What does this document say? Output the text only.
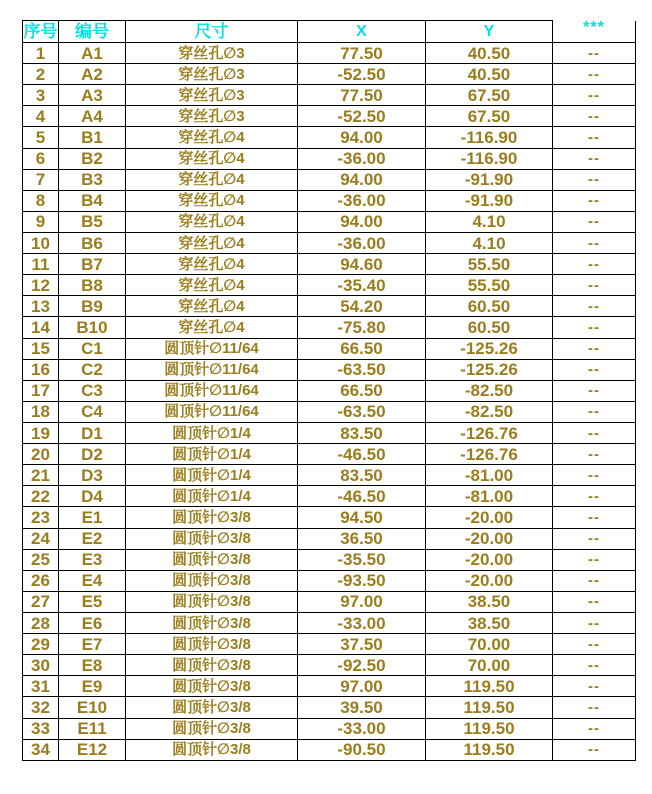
序号	编号	尺寸	X	Y	***
1	A1	穿丝孔∅3	77.50	40.50	--
2	A2	穿丝孔∅3	-52.50	40.50	--
3	A3	穿丝孔∅3	77.50	67.50	--
4	A4	穿丝孔∅3	-52.50	67.50	--
5	B1	穿丝孔∅4	94.00	-116.90	--
6	B2	穿丝孔∅4	-36.00	-116.90	--
7	B3	穿丝孔∅4	94.00	-91.90	--
8	B4	穿丝孔∅4	-36.00	-91.90	--
9	B5	穿丝孔∅4	94.00	4.10	--
10	B6	穿丝孔∅4	-36.00	4.10	--
11	B7	穿丝孔∅4	94.60	55.50	--
12	B8	穿丝孔∅4	-35.40	55.50	--
13	B9	穿丝孔∅4	54.20	60.50	--
14	B10	穿丝孔∅4	-75.80	60.50	--
15	C1	圆顶针∅11/64	66.50	-125.26	--
16	C2	圆顶针∅11/64	-63.50	-125.26	--
17	C3	圆顶针∅11/64	66.50	-82.50	--
18	C4	圆顶针∅11/64	-63.50	-82.50	--
19	D1	圆顶针∅1/4	83.50	-126.76	--
20	D2	圆顶针∅1/4	-46.50	-126.76	--
21	D3	圆顶针∅1/4	83.50	-81.00	--
22	D4	圆顶针∅1/4	-46.50	-81.00	--
23	E1	圆顶针∅3/8	94.50	-20.00	--
24	E2	圆顶针∅3/8	36.50	-20.00	--
25	E3	圆顶针∅3/8	-35.50	-20.00	--
26	E4	圆顶针∅3/8	-93.50	-20.00	--
27	E5	圆顶针∅3/8	97.00	38.50	--
28	E6	圆顶针∅3/8	-33.00	38.50	--
29	E7	圆顶针∅3/8	37.50	70.00	--
30	E8	圆顶针∅3/8	-92.50	70.00	--
31	E9	圆顶针∅3/8	97.00	119.50	--
32	E10	圆顶针∅3/8	39.50	119.50	--
33	E11	圆顶针∅3/8	-33.00	119.50	--
34	E12	圆顶针∅3/8	-90.50	119.50	--
